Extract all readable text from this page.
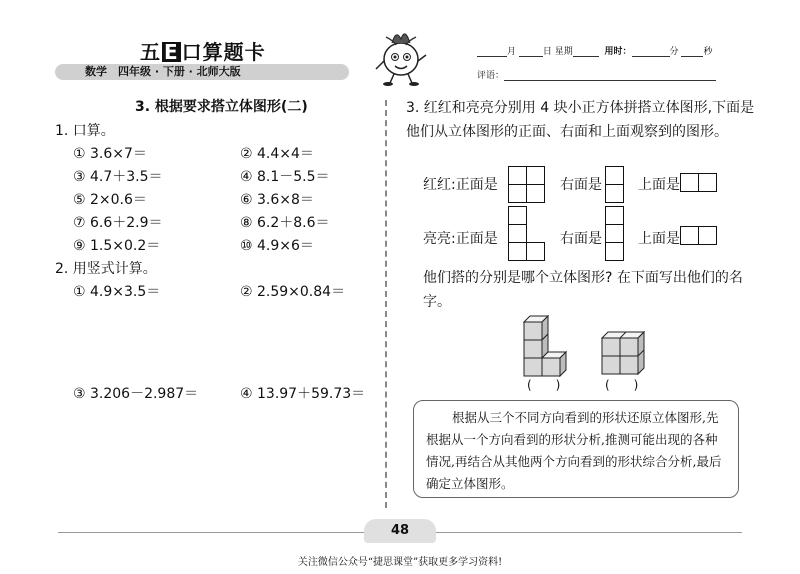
五 E 口算题卡
数学　四年级 · 下册 · 北师大版
月	日 星期	用时：	分	秒
评语：
3. 根据要求搭立体图形(二)
1. 口算。
① 3.6×7＝	② 4.4×4＝
③ 4.7＋3.5＝	④ 8.1－5.5＝
⑤ 2×0.6＝	⑥ 3.6×8＝
⑦ 6.6＋2.9＝	⑧ 6.2＋8.6＝
⑨ 1.5×0.2＝	⑩ 4.9×6＝
2. 用竖式计算。
① 4.9×3.5＝	② 2.59×0.84＝
③ 3.206－2.987＝	④ 13.97＋59.73＝
3. 红红和亮亮分别用 4 块小正方体拼搭立体图形,下面是他们从立体图形的正面、右面和上面观察到的图形。
红红:正面是	右面是	上面是
亮亮:正面是	右面是	上面是
他们搭的分别是哪个立体图形? 在下面写出他们的名字。
(　　)	(　　)
根据从三个不同方向看到的形状还原立体图形,先根据从一个方向看到的形状分析,推测可能出现的各种情况,再结合从其他两个方向看到的形状综合分析,最后确定立体图形。
48
关注微信公众号“捷思课堂”获取更多学习资料!
